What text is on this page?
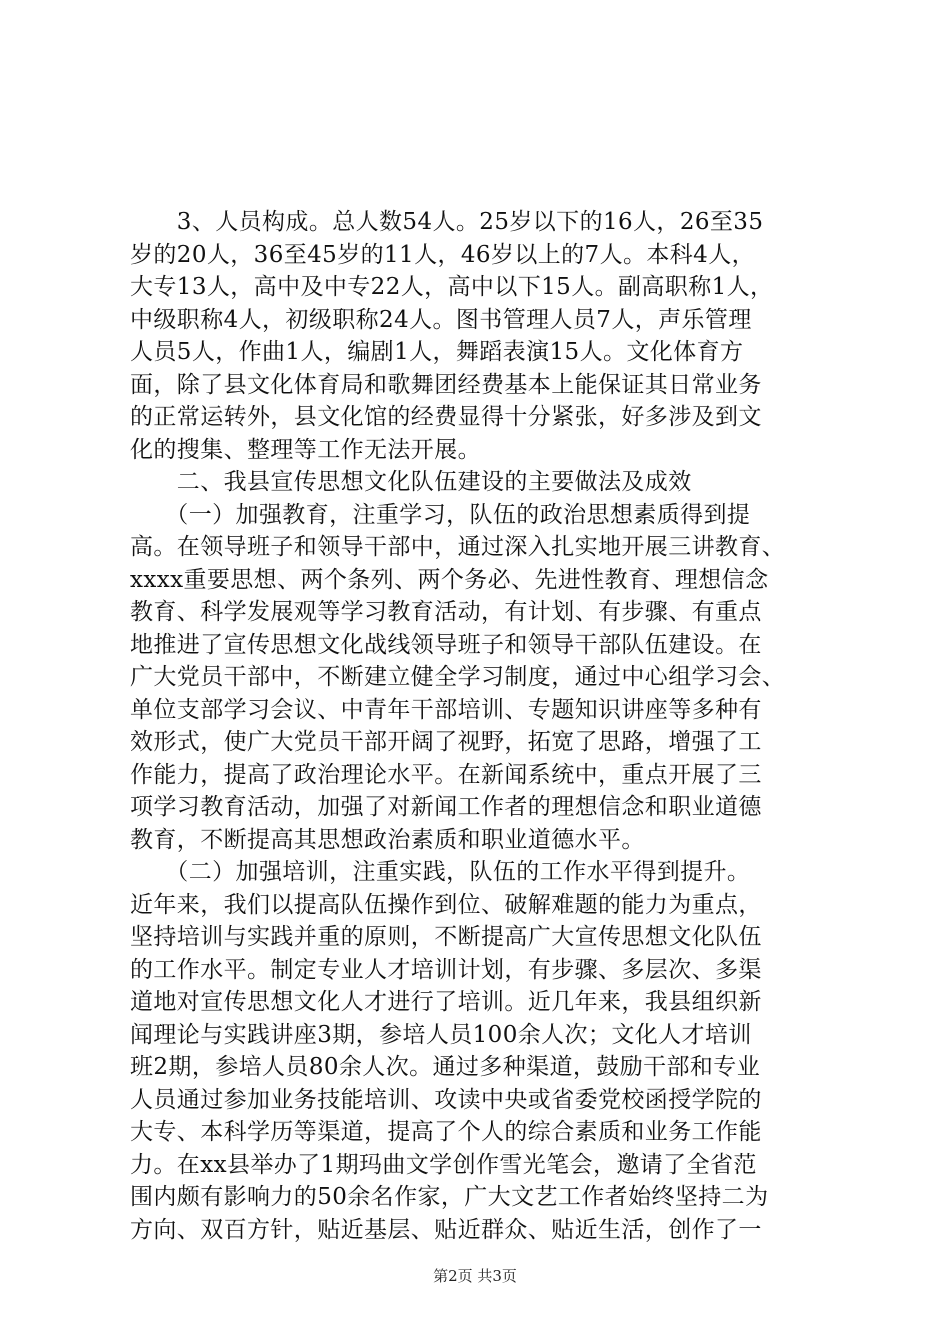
　　3、人员构成。总人数54人。25岁以下的16人，26至35
岁的20人，36至45岁的11人，46岁以上的7人。本科4人，
大专13人，高中及中专22人，高中以下15人。副高职称1人，
中级职称4人，初级职称24人。图书管理人员7人，声乐管理
人员5人，作曲1人，编剧1人，舞蹈表演15人。文化体育方
面，除了县文化体育局和歌舞团经费基本上能保证其日常业务
的正常运转外，县文化馆的经费显得十分紧张，好多涉及到文
化的搜集、整理等工作无法开展。
　　二、我县宣传思想文化队伍建设的主要做法及成效
　　（一）加强教育，注重学习，队伍的政治思想素质得到提
高。在领导班子和领导干部中，通过深入扎实地开展三讲教育、
xxxx重要思想、两个条列、两个务必、先进性教育、理想信念
教育、科学发展观等学习教育活动，有计划、有步骤、有重点
地推进了宣传思想文化战线领导班子和领导干部队伍建设。在
广大党员干部中，不断建立健全学习制度，通过中心组学习会、
单位支部学习会议、中青年干部培训、专题知识讲座等多种有
效形式，使广大党员干部开阔了视野，拓宽了思路，增强了工
作能力，提高了政治理论水平。在新闻系统中，重点开展了三
项学习教育活动，加强了对新闻工作者的理想信念和职业道德
教育，不断提高其思想政治素质和职业道德水平。
　　（二）加强培训，注重实践，队伍的工作水平得到提升。
近年来，我们以提高队伍操作到位、破解难题的能力为重点，
坚持培训与实践并重的原则，不断提高广大宣传思想文化队伍
的工作水平。制定专业人才培训计划，有步骤、多层次、多渠
道地对宣传思想文化人才进行了培训。近几年来，我县组织新
闻理论与实践讲座3期，参培人员100余人次；文化人才培训
班2期，参培人员80余人次。通过多种渠道，鼓励干部和专业
人员通过参加业务技能培训、攻读中央或省委党校函授学院的
大专、本科学历等渠道，提高了个人的综合素质和业务工作能
力。在xx县举办了1期玛曲文学创作雪光笔会，邀请了全省范
围内颇有影响力的50余名作家，广大文艺工作者始终坚持二为
方向、双百方针，贴近基层、贴近群众、贴近生活，创作了一
第2页 共3页
